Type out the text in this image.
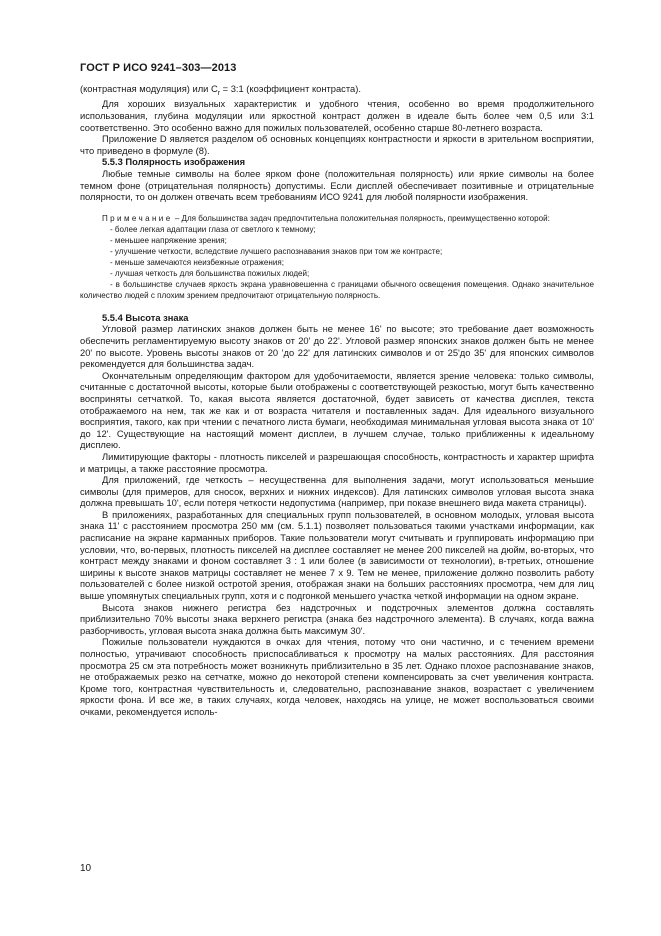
ГОСТ Р ИСО 9241–303—2013

(контрастная модуляция) или $C_r$ = 3:1 (коэффициент контраста).

Для хороших визуальных характеристик и удобного чтения, особенно во время продолжительного использования, глубина модуляции или яркостной контраст должен в идеале быть более чем 0,5 или 3:1 соответственно. Это особенно важно для пожилых пользователей, особенно старше 80-летнего возраста.

Приложение D является разделом об основных концепциях контрастности и яркости в зрительном восприятии, что приведено в формуле (8).

5.5.3 Полярность изображения

Любые темные символы на более ярком фоне (положительная полярность) или яркие символы на более темном фоне (отрицательная полярность) допустимы. Если дисплей обеспечивает позитивные и отрицательные полярности, то он должен отвечать всем требованиям ИСО 9241 для любой полярности изображения.

Примечание – Для большинства задач предпочтительна положительная полярность, преимущественно которой:

- более легкая адаптации глаза от светлого к темному;

- меньшее напряжение зрения;

- улучшение четкости, вследствие лучшего распознавания знаков при том же контрасте;

- меньше замечаются неизбежные отражения;

- лучшая четкость для большинства пожилых людей;

- в большинстве случаев яркость экрана уравновешенна с границами обычного освещения помещения. Однако значительное количество людей с плохим зрением предпочитают отрицательную полярность.

5.5.4 Высота знака

Угловой размер латинских знаков должен быть не менее 16' по высоте; это требование дает возможность обеспечить регламентируемую высоту знаков от 20' до 22'. Угловой размер японских знаков должен быть не менее 20' по высоте. Уровень высоты знаков от 20 'до 22' для латинских символов и от 25'до 35' для японских символов рекомендуется для большинства задач.

Окончательным определяющим фактором для удобочитаемости, является зрение человека: только символы, считанные с достаточной высоты, которые были отображены с соответствующей резкостью, могут быть качественно восприняты сетчаткой. То, какая высота является достаточной, будет зависеть от качества дисплея, текста отображаемого на нем, так же как и от возраста читателя и поставленных задач. Для идеального визуального восприятия, такого, как при чтении с печатного листа бумаги, необходимая минимальная угловая высота знака от 10' до 12'. Существующие на настоящий момент дисплеи, в лучшем случае, только приближенны к идеальному дисплею.

Лимитирующие факторы - плотность пикселей и разрешающая способность, контрастность и характер шрифта и матрицы, а также расстояние просмотра.

Для приложений, где четкость – несущественна для выполнения задачи, могут использоваться меньшие символы (для примеров, для сносок, верхних и нижних индексов). Для латинских символов угловая высота знака должна превышать 10', если потеря четкости недопустима (например, при показе внешнего вида макета страницы).

В приложениях, разработанных для специальных групп пользователей, в основном молодых, угловая высота знака 11' с расстоянием просмотра 250 мм (см. 5.1.1) позволяет пользоваться такими участками информации, как расписание на экране карманных приборов. Такие пользователи могут считывать и группировать информацию при условии, что, во-первых, плотность пикселей на дисплее составляет не менее 200 пикселей на дюйм, во-вторых, что контраст между знаками и фоном составляет 3 : 1 или более (в зависимости от технологии), в-третьих, отношение ширины к высоте знаков матрицы составляет не менее 7 х 9. Тем не менее, приложение должно позволить работу пользователей с более низкой остротой зрения, отображая знаки на больших расстояниях просмотра, чем для лиц выше упомянутых специальных групп, хотя и с подгонкой меньшего участка четкой информации на одном экране.

Высота знаков нижнего регистра без надстрочных и подстрочных элементов должна составлять приблизительно 70% высоты знака верхнего регистра (знака без надстрочного элемента). В случаях, когда важна разборчивость, угловая высота знака должна быть максимум 30'.

Пожилые пользователи нуждаются в очках для чтения, потому что они частично, и с течением времени полностью, утрачивают способность приспосабливаться к просмотру на малых расстояниях. Для расстояния просмотра 25 см эта потребность может возникнуть приблизительно в 35 лет. Однако плохое распознавание знаков, не отображаемых резко на сетчатке, можно до некоторой степени компенсировать за счет увеличения контраста. Кроме того, контрастная чувствительность и, следовательно, распознавание знаков, возрастает с увеличением яркости фона. И все же, в таких случаях, когда человек, находясь на улице, не может воспользоваться своими очками, рекомендуется исполь-

10
